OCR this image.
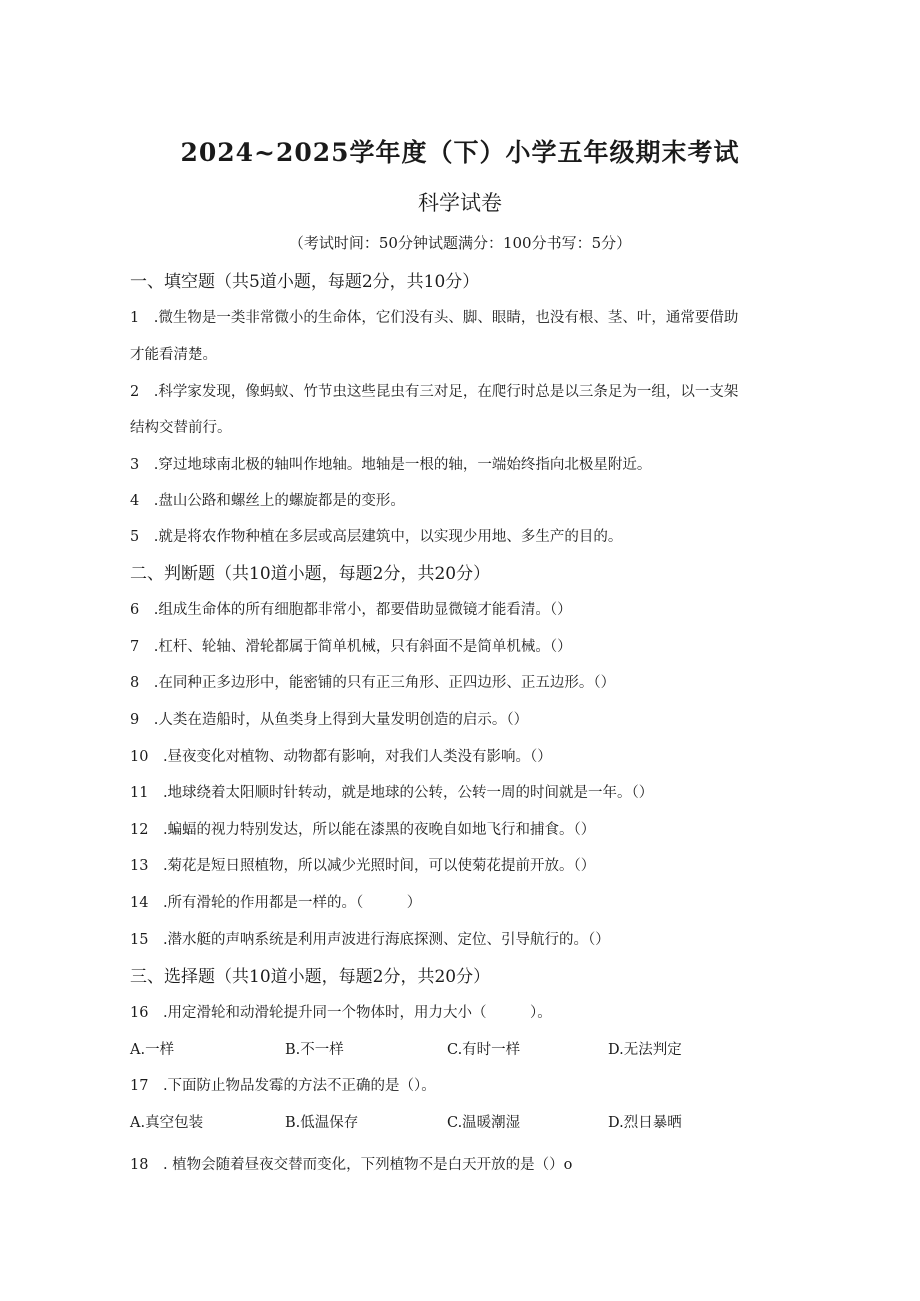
2024~2025学年度（下）小学五年级期末考试
科学试卷
（考试时间：50分钟试题满分：100分书写：5分）
一、填空题（共5道小题，每题2分，共10分）
1　.微生物是一类非常微小的生命体，它们没有头、脚、眼睛，也没有根、茎、叶，通常要借助
才能看清楚。
2　.科学家发现，像蚂蚁、竹节虫这些昆虫有三对足，在爬行时总是以三条足为一组，以一支架
结构交替前行。
3　.穿过地球南北极的轴叫作地轴。地轴是一根的轴，一端始终指向北极星附近。
4　.盘山公路和螺丝上的螺旋都是的变形。
5　.就是将农作物种植在多层或高层建筑中，以实现少用地、多生产的目的。
二、判断题（共10道小题，每题2分，共20分）
6　.组成生命体的所有细胞都非常小，都要借助显微镜才能看清。（）
7　.杠杆、轮轴、滑轮都属于简单机械，只有斜面不是简单机械。（）
8　.在同种正多边形中，能密铺的只有正三角形、正四边形、正五边形。（）
9　.人类在造船时，从鱼类身上得到大量发明创造的启示。（）
10　.昼夜变化对植物、动物都有影响，对我们人类没有影响。（）
11　.地球绕着太阳顺时针转动，就是地球的公转，公转一周的时间就是一年。（）
12　.蝙蝠的视力特别发达，所以能在漆黑的夜晚自如地飞行和捕食。（）
13　.菊花是短日照植物，所以减少光照时间，可以使菊花提前开放。（）
14　.所有滑轮的作用都是一样的。（　　　）
15　.潜水艇的声呐系统是利用声波进行海底探测、定位、引导航行的。（）
三、选择题（共10道小题，每题2分，共20分）
16　.用定滑轮和动滑轮提升同一个物体时，用力大小（　　　）。
A.一样	B.不一样	C.有时一样	D.无法判定
17　.下面防止物品发霉的方法不正确的是（）。
A.真空包装	B.低温保存	C.温暖潮湿	D.烈日暴晒
18　. 植物会随着昼夜交替而变化，下列植物不是白天开放的是（）o
